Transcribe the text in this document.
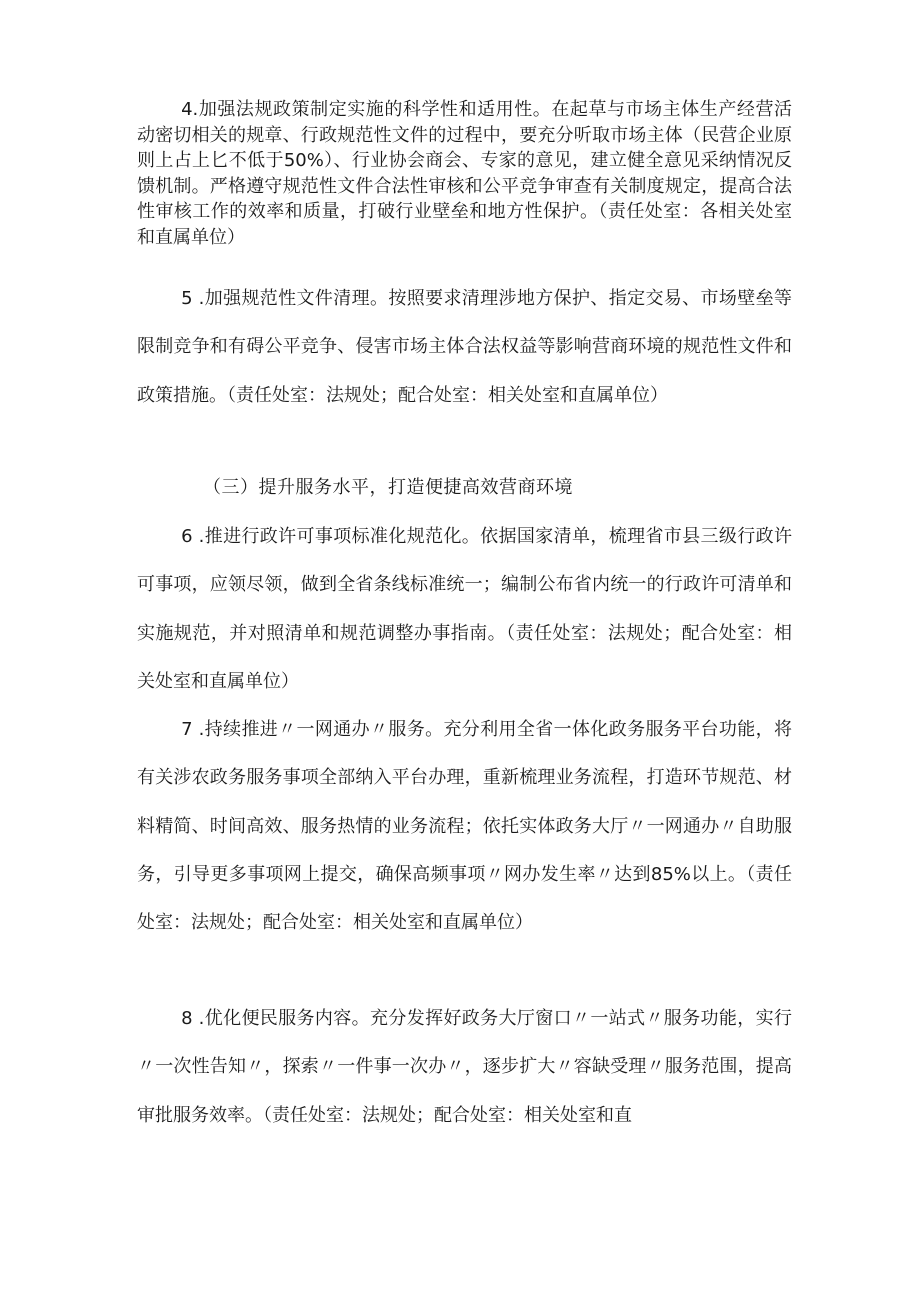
4.加强法规政策制定实施的科学性和适用性。在起草与市场主体生产经营活动密切相关的规章、行政规范性文件的过程中，要充分听取市场主体（民营企业原则上占上匕不低于50%）、行业协会商会、专家的意见，建立健全意见采纳情况反馈机制。严格遵守规范性文件合法性审核和公平竞争审查有关制度规定，提高合法性审核工作的效率和质量，打破行业壁垒和地方性保护。（责任处室：各相关处室和直属单位）

5 .加强规范性文件清理。按照要求清理涉地方保护、指定交易、市场壁垒等限制竞争和有碍公平竞争、侵害市场主体合法权益等影响营商环境的规范性文件和政策措施。（责任处室：法规处；配合处室：相关处室和直属单位）

（三）提升服务水平，打造便捷高效营商环境

6 .推进行政许可事项标准化规范化。依据国家清单，梳理省市县三级行政许可事项，应领尽领，做到全省条线标准统一；编制公布省内统一的行政许可清单和实施规范，并对照清单和规范调整办事指南。（责任处室：法规处；配合处室：相关处室和直属单位）

7 .持续推进〃一网通办〃服务。充分利用全省一体化政务服务平台功能，将有关涉农政务服务事项全部纳入平台办理，重新梳理业务流程，打造环节规范、材料精简、时间高效、服务热情的业务流程；依托实体政务大厅〃一网通办〃自助服务，引导更多事项网上提交，确保高频事项〃网办发生率〃达到85%以上。（责任处室：法规处；配合处室：相关处室和直属单位）

8 .优化便民服务内容。充分发挥好政务大厅窗口〃一站式〃服务功能，实行〃一次性告知〃，探索〃一件事一次办〃，逐步扩大〃容缺受理〃服务范围，提高审批服务效率。（责任处室：法规处；配合处室：相关处室和直
